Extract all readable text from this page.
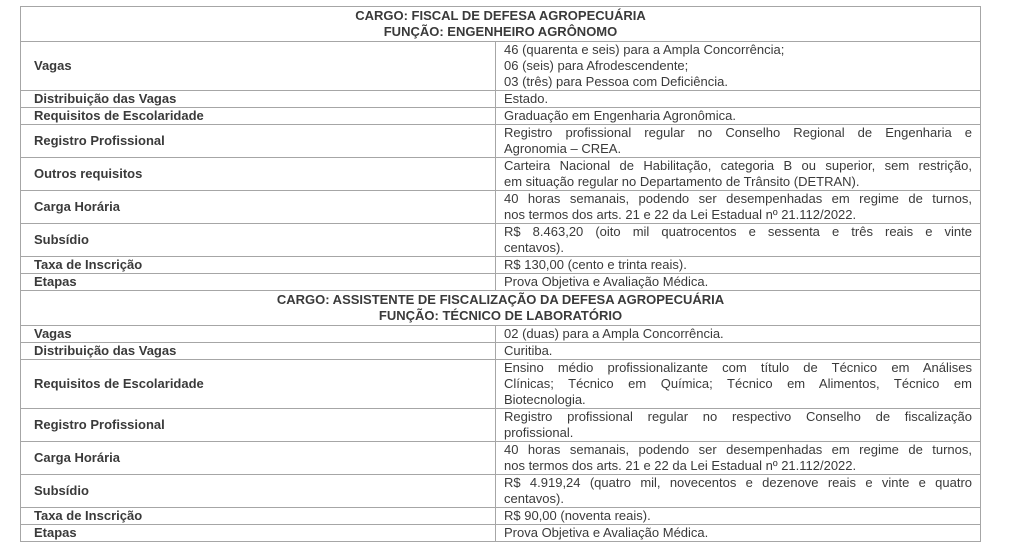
CARGO: FISCAL DE DEFESA AGROPECUÁRIA
FUNÇÃO: ENGENHEIRO AGRÔNOMO	

Vagas	46 (quarenta e seis) para a Ampla Concorrência;
06 (seis) para Afrodescendente;
03 (três) para Pessoa com Deficiência.

Distribuição das Vagas	Estado.
Requisitos de Escolaridade	Graduação em Engenharia Agronômica.
Registro Profissional	Registro profissional regular no Conselho Regional de Engenharia e
Agronomia – CREA.

Outros requisitos	Carteira Nacional de Habilitação, categoria B ou superior, sem restrição,
em situação regular no Departamento de Trânsito (DETRAN).

Carga Horária	40 horas semanais, podendo ser desempenhadas em regime de turnos,
nos termos dos arts. 21 e 22 da Lei Estadual nº 21.112/2022.

Subsídio	R$ 8.463,20 (oito mil quatrocentos e sessenta e três reais e vinte
centavos).

Taxa de Inscrição	R$ 130,00 (cento e trinta reais).
Etapas	Prova Objetiva e Avaliação Médica.

CARGO: ASSISTENTE DE FISCALIZAÇÃO DA DEFESA AGROPECUÁRIA
FUNÇÃO: TÉCNICO DE LABORATÓRIO	

Vagas	02 (duas) para a Ampla Concorrência.
Distribuição das Vagas	Curitiba.
Requisitos de Escolaridade	Ensino médio profissionalizante com título de Técnico em Análises
Clínicas; Técnico em Química; Técnico em Alimentos, Técnico em
Biotecnologia.

Registro Profissional	Registro profissional regular no respectivo Conselho de fiscalização
profissional.

Carga Horária	40 horas semanais, podendo ser desempenhadas em regime de turnos,
nos termos dos arts. 21 e 22 da Lei Estadual nº 21.112/2022.

Subsídio	R$ 4.919,24 (quatro mil, novecentos e dezenove reais e vinte e quatro
centavos).

Taxa de Inscrição	R$ 90,00 (noventa reais).
Etapas	Prova Objetiva e Avaliação Médica.
